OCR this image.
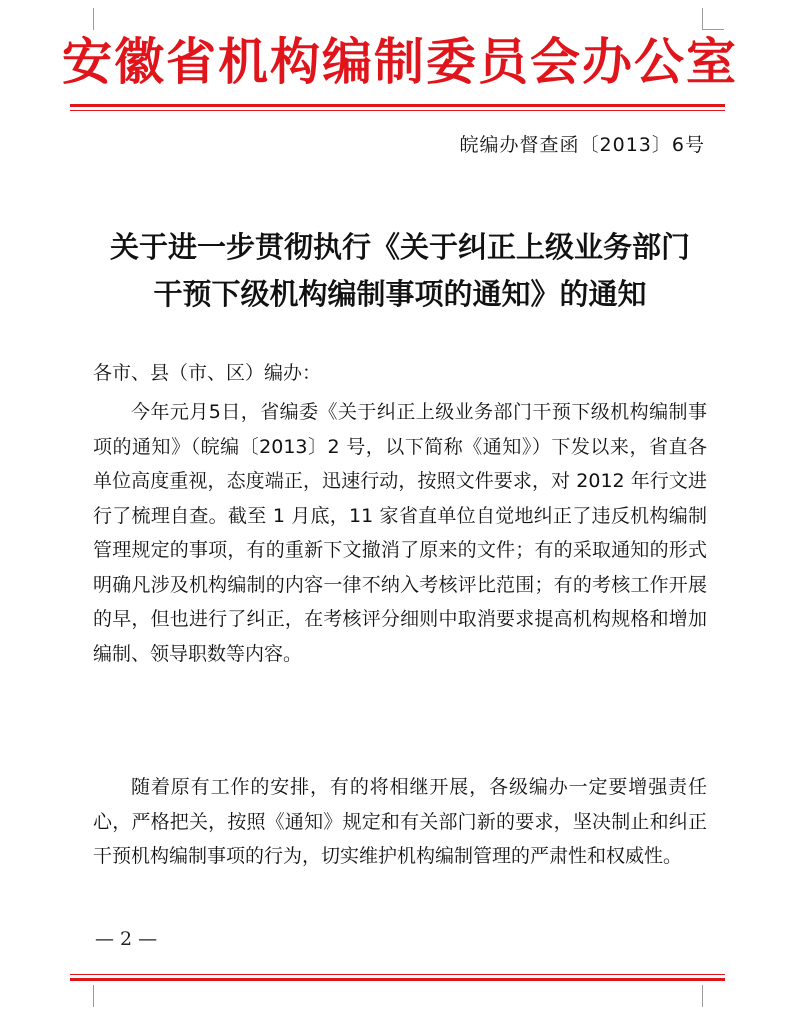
安徽省机构编制委员会办公室
皖编办督查函〔2013〕6号
关于进一步贯彻执行《关于纠正上级业务部门
干预下级机构编制事项的通知》的通知
各市、县（市、区）编办：
今年元月5日，省编委《关于纠正上级业务部门干预下级机构编制事项的通知》（皖编〔2013〕2 号，以下简称《通知》）下发以来，省直各单位高度重视，态度端正，迅速行动，按照文件要求，对 2012 年行文进行了梳理自查。截至 1 月底，11 家省直单位自觉地纠正了违反机构编制管理规定的事项，有的重新下文撤消了原来的文件；有的采取通知的形式明确凡涉及机构编制的内容一律不纳入考核评比范围；有的考核工作开展的早，但也进行了纠正，在考核评分细则中取消要求提高机构规格和增加编制、领导职数等内容。
随着原有工作的安排，有的将相继开展，各级编办一定要增强责任心，严格把关，按照《通知》规定和有关部门新的要求，坚决制止和纠正干预机构编制事项的行为，切实维护机构编制管理的严肃性和权威性。
— 2 —
